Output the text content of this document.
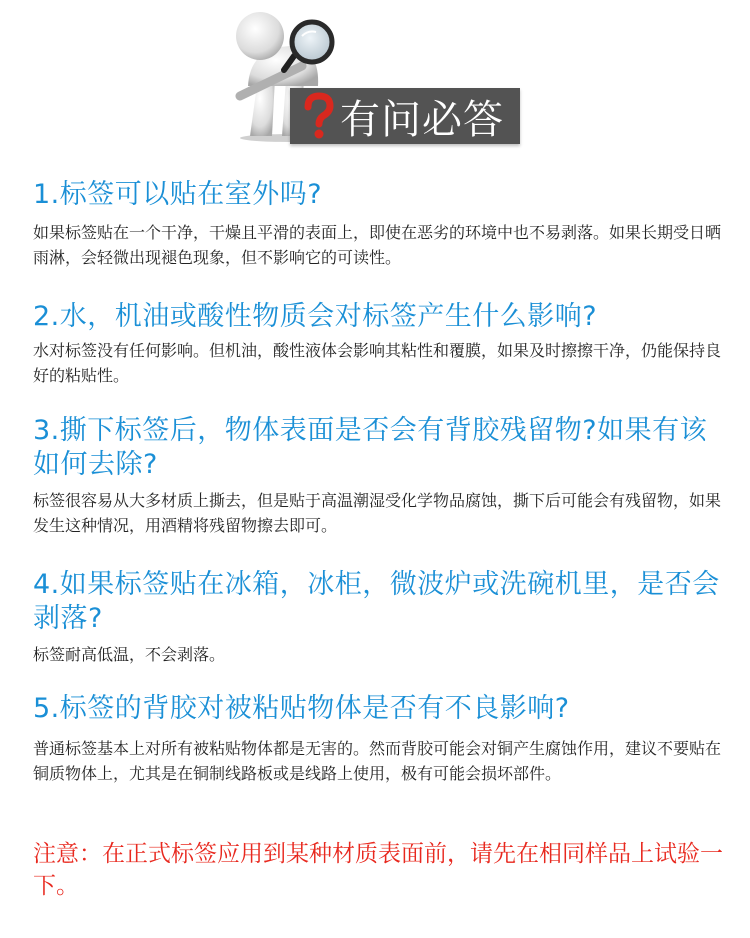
有问必答
1.标签可以贴在室外吗?

如果标签贴在一个干净，干燥且平滑的表面上，即使在恶劣的环境中也不易剥落。如果长期受日晒雨淋，会轻微出现褪色现象，但不影响它的可读性。

2.水，机油或酸性物质会对标签产生什么影响?

水对标签没有任何影响。但机油，酸性液体会影响其粘性和覆膜，如果及时擦擦干净，仍能保持良好的粘贴性。

3.撕下标签后，物体表面是否会有背胶残留物?如果有该如何去除?

标签很容易从大多材质上撕去，但是贴于高温潮湿受化学物品腐蚀，撕下后可能会有残留物，如果发生这种情况，用酒精将残留物擦去即可。

4.如果标签贴在冰箱，冰柜，微波炉或洗碗机里，是否会剥落?

标签耐高低温，不会剥落。

5.标签的背胶对被粘贴物体是否有不良影响?

普通标签基本上对所有被粘贴物体都是无害的。然而背胶可能会对铜产生腐蚀作用，建议不要贴在铜质物体上，尤其是在铜制线路板或是线路上使用，极有可能会损坏部件。

注意：在正式标签应用到某种材质表面前，请先在相同样品上试验一下。
